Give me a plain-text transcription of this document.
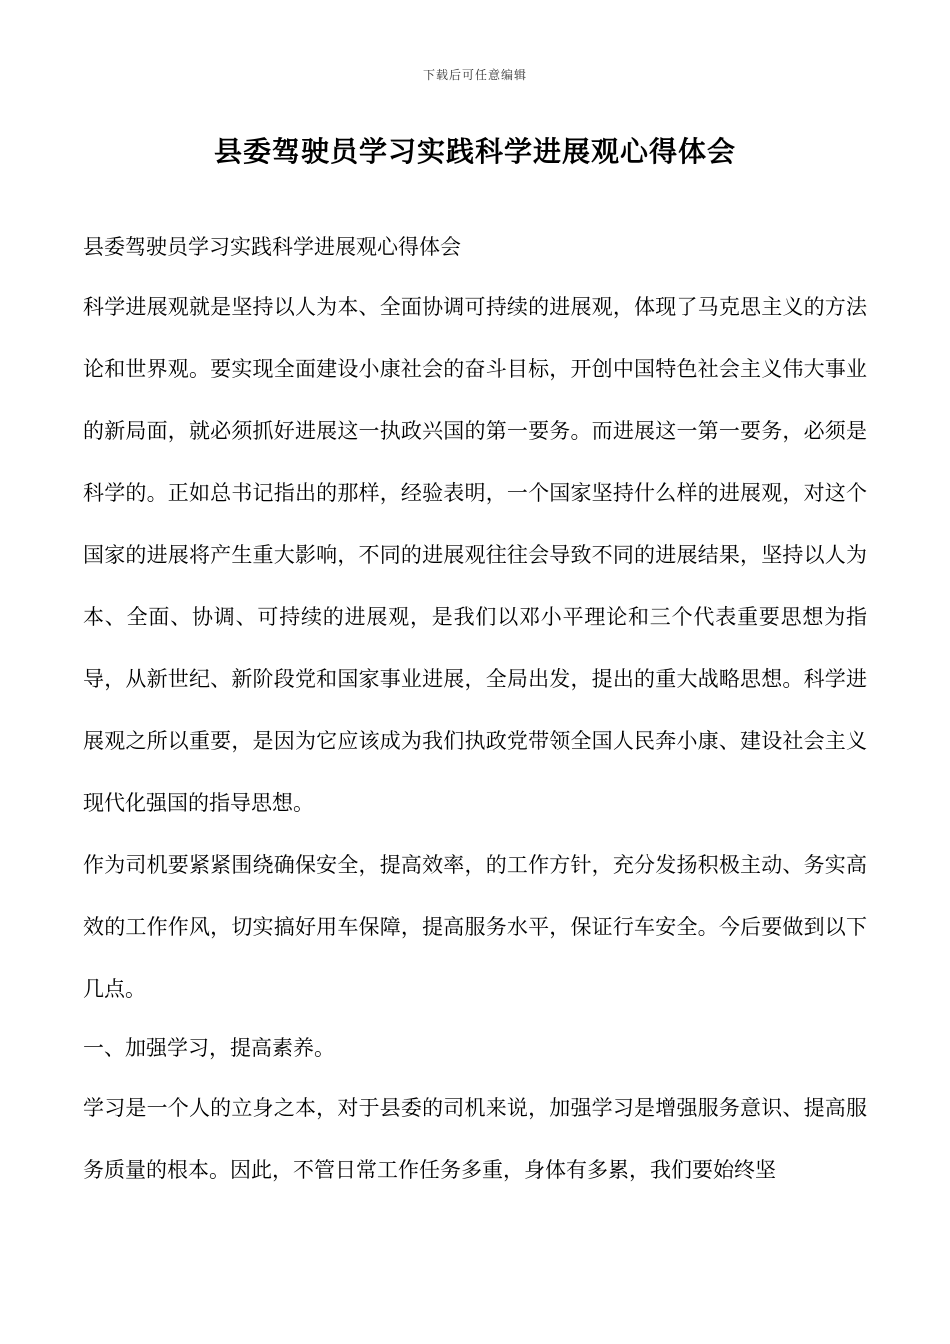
下载后可任意编辑
县委驾驶员学习实践科学进展观心得体会

县委驾驶员学习实践科学进展观心得体会

科学进展观就是坚持以人为本、全面协调可持续的进展观，体现了马克思主义的方法论和世界观。要实现全面建设小康社会的奋斗目标，开创中国特色社会主义伟大事业的新局面，就必须抓好进展这一执政兴国的第一要务。而进展这一第一要务，必须是科学的。正如总书记指出的那样，经验表明，一个国家坚持什么样的进展观，对这个国家的进展将产生重大影响，不同的进展观往往会导致不同的进展结果，坚持以人为本、全面、协调、可持续的进展观，是我们以邓小平理论和三个代表重要思想为指导，从新世纪、新阶段党和国家事业进展，全局出发，提出的重大战略思想。科学进展观之所以重要，是因为它应该成为我们执政党带领全国人民奔小康、建设社会主义现代化强国的指导思想。

作为司机要紧紧围绕确保安全，提高效率，的工作方针，充分发扬积极主动、务实高效的工作作风，切实搞好用车保障，提高服务水平，保证行车安全。今后要做到以下几点。

一、加强学习，提高素养。

学习是一个人的立身之本，对于县委的司机来说，加强学习是增强服务意识、提高服务质量的根本。因此，不管日常工作任务多重，身体有多累，我们要始终坚
